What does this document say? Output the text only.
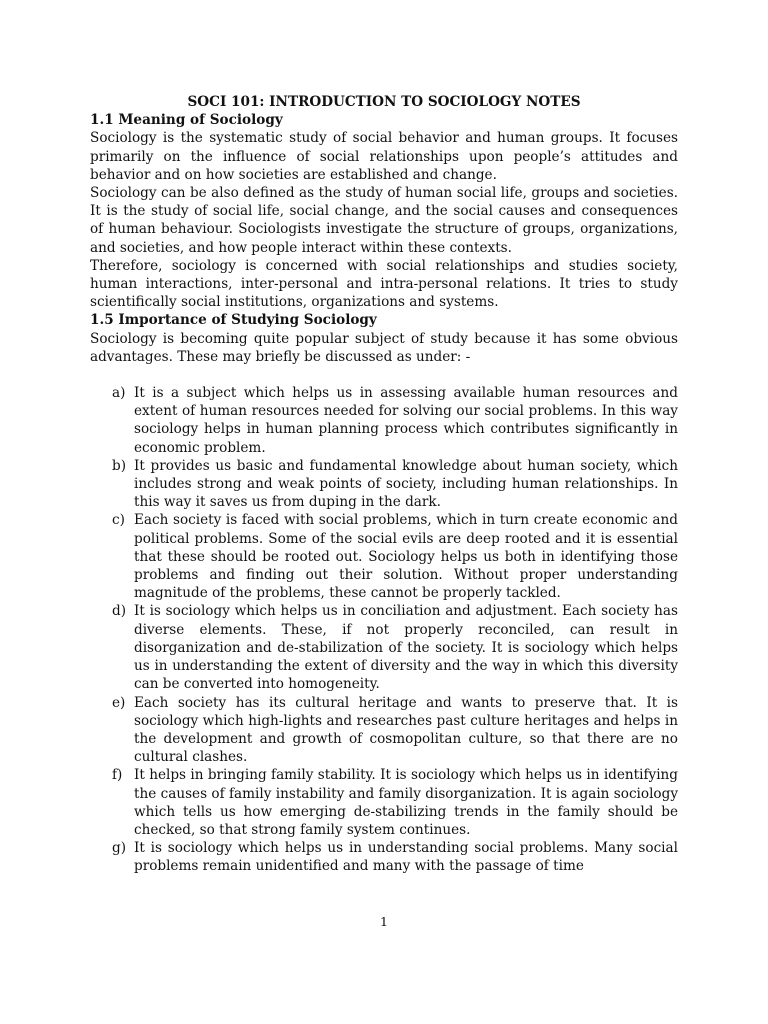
SOCI 101: INTRODUCTION TO SOCIOLOGY NOTES

1.1 Meaning of Sociology

Sociology is the systematic study of social behavior and human groups. It focuses primarily on the influence of social relationships upon people’s attitudes and behavior and on how societies are established and change.

Sociology can be also defined as the study of human social life, groups and societies. It is the study of social life, social change, and the social causes and consequences of human behaviour. Sociologists investigate the structure of groups, organizations, and societies, and how people interact within these contexts.

Therefore, sociology is concerned with social relationships and studies society, human interactions, inter-personal and intra-personal relations. It tries to study scientifically social institutions, organizations and systems.

1.5 Importance of Studying Sociology

Sociology is becoming quite popular subject of study because it has some obvious advantages. These may briefly be discussed as under: -

a) It is a subject which helps us in assessing available human resources and extent of human resources needed for solving our social problems. In this way sociology helps in human planning process which contributes significantly in economic problem.
b) It provides us basic and fundamental knowledge about human society, which includes strong and weak points of society, including human relationships. In this way it saves us from duping in the dark.
c) Each society is faced with social problems, which in turn create economic and political problems. Some of the social evils are deep rooted and it is essential that these should be rooted out. Sociology helps us both in identifying those problems and finding out their solution. Without proper understanding magnitude of the problems, these cannot be properly tackled.
d) It is sociology which helps us in conciliation and adjustment. Each society has diverse elements. These, if not properly reconciled, can result in disorganization and de-stabilization of the society. It is sociology which helps us in understanding the extent of diversity and the way in which this diversity can be converted into homogeneity.
e) Each society has its cultural heritage and wants to preserve that. It is sociology which high-lights and researches past culture heritages and helps in the development and growth of cosmopolitan culture, so that there are no cultural clashes.
f) It helps in bringing family stability. It is sociology which helps us in identifying the causes of family instability and family disorganization. It is again sociology which tells us how emerging de-stabilizing trends in the family should be checked, so that strong family system continues.
g) It is sociology which helps us in understanding social problems. Many social problems remain unidentified and many with the passage of time
1
